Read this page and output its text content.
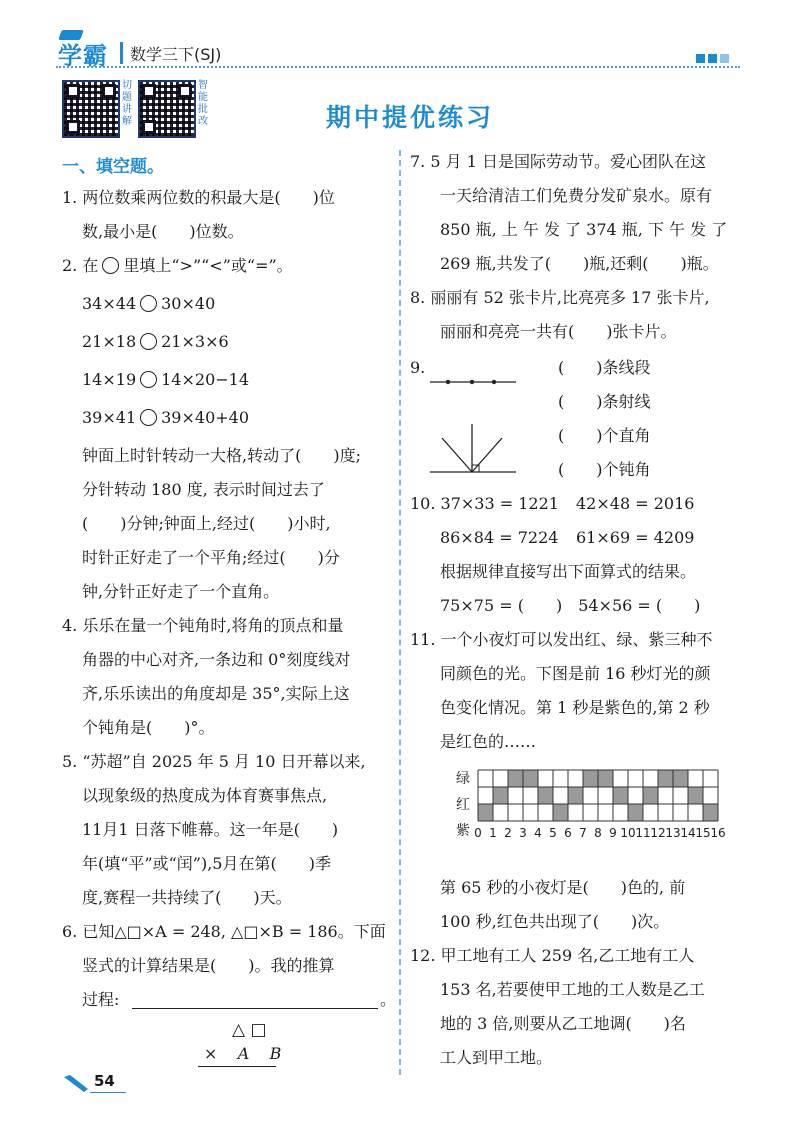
学霸 数学三下(SJ)
切题讲解
智能批改	期中提优练习
一、填空题。
1. 两位数乘两位数的积最大是(　　)位
数,最小是(　　)位数。
2. 在 里填上“>”“<”或“=”。
34×44 30×40
21×18 21×3×6
14×19 14×20−14
39×41 39×40+40
钟面上时针转动一大格,转动了(　　)度;
分针转动 180 度, 表示时间过去了
(　　)分钟;钟面上,经过(　　)小时,
时针正好走了一个平角;经过(　　)分
钟,分针正好走了一个直角。
4. 乐乐在量一个钝角时,将角的顶点和量
角器的中心对齐,一条边和 0°刻度线对
齐,乐乐读出的角度却是 35°,实际上这
个钝角是(　　)°。
5. “苏超”自 2025 年 5 月 10 日开幕以来,
以现象级的热度成为体育赛事焦点,
11月1 日落下帷幕。这一年是(　　)
年(填“平”或“闰”),5月在第(　　)季
度,赛程一共持续了(　　)天。
6. 已知△□×A = 248, △□×B = 186。下面
竖式的计算结果是(　　)。我的推算
过程:	。
△ □
× A B
7. 5 月 1 日是国际劳动节。爱心团队在这
一天给清洁工们免费分发矿泉水。原有
850 瓶, 上 午 发 了 374 瓶, 下 午 发 了
269 瓶,共发了(　　)瓶,还剩(　　)瓶。
8. 丽丽有 52 张卡片,比亮亮多 17 张卡片,
丽丽和亮亮一共有(　　)张卡片。
9.	(　　)条线段
(　　)条射线
(　　)个直角
(　　)个钝角
10. 37×33 = 1221 42×48 = 2016
86×84 = 7224 61×69 = 4209
根据规律直接写出下面算式的结果。
75×75 = (　　)　54×56 = (　　)
11. 一个小夜灯可以发出红、绿、紫三种不
同颜色的光。下图是前 16 秒灯光的颜
色变化情况。第 1 秒是紫色的,第 2 秒
是红色的……
绿
红
紫 0 1 2 3 4 5 6 7 8 9 10 11 12 13 14 15 16
第 65 秒的小夜灯是(　　)色的, 前
100 秒,红色共出现了(　　)次。
12. 甲工地有工人 259 名,乙工地有工人
153 名,若要使甲工地的工人数是乙工
地的 3 倍,则要从乙工地调(　　)名
工人到甲工地。
54
